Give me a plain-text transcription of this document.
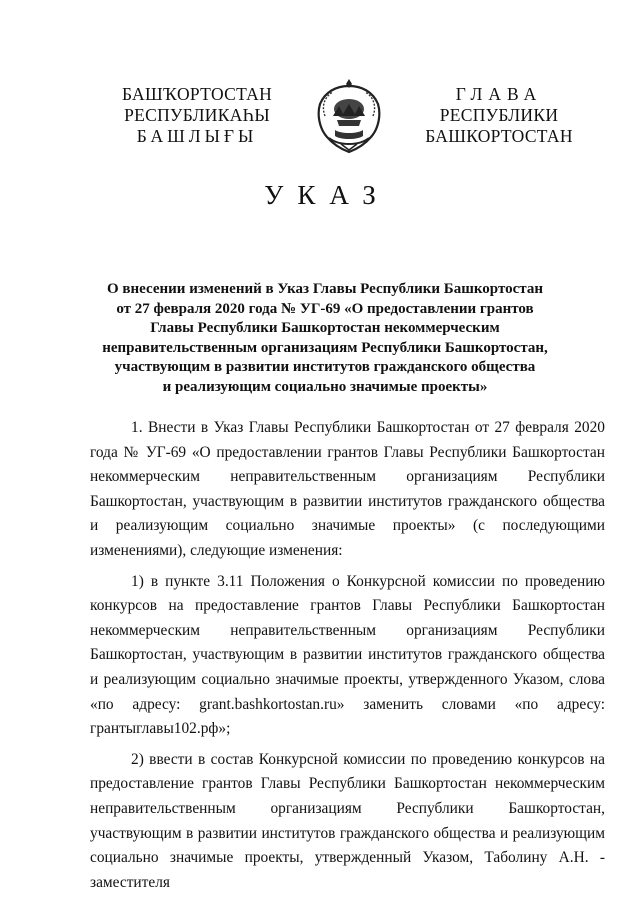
БАШҠОРТОСТАН
РЕСПУБЛИКАҺЫ
БАШЛЫҒЫ
ГЛАВА
РЕСПУБЛИКИ
БАШКОРТОСТАН
УКАЗ
О внесении изменений в Указ Главы Республики Башкортостан
от 27 февраля 2020 года № УГ-69 «О предоставлении грантов
Главы Республики Башкортостан некоммерческим
неправительственным организациям Республики Башкортостан,
участвующим в развитии институтов гражданского общества
и реализующим социально значимые проекты»

1. Внести в Указ Главы Республики Башкортостан от 27 февраля 2020 года № УГ-69 «О предоставлении грантов Главы Республики Башкортостан некоммерческим неправительственным организациям Республики Башкортостан, участвующим в развитии институтов гражданского общества и реализующим социально значимые проекты» (с последующими изменениями), следующие изменения:

1) в пункте 3.11 Положения о Конкурсной комиссии по проведению конкурсов на предоставление грантов Главы Республики Башкортостан некоммерческим неправительственным организациям Республики Башкортостан, участвующим в развитии институтов гражданского общества и реализующим социально значимые проекты, утвержденного Указом, слова «по адресу: grant.bashkortostan.ru» заменить словами «по адресу: грантыглавы102.рф»;

2) ввести в состав Конкурсной комиссии по проведению конкурсов на предоставление грантов Главы Республики Башкортостан некоммерческим неправительственным организациям Республики Башкортостан, участвующим в развитии институтов гражданского общества и реализующим социально значимые проекты, утвержденный Указом, Таболину А.Н. - заместителя
